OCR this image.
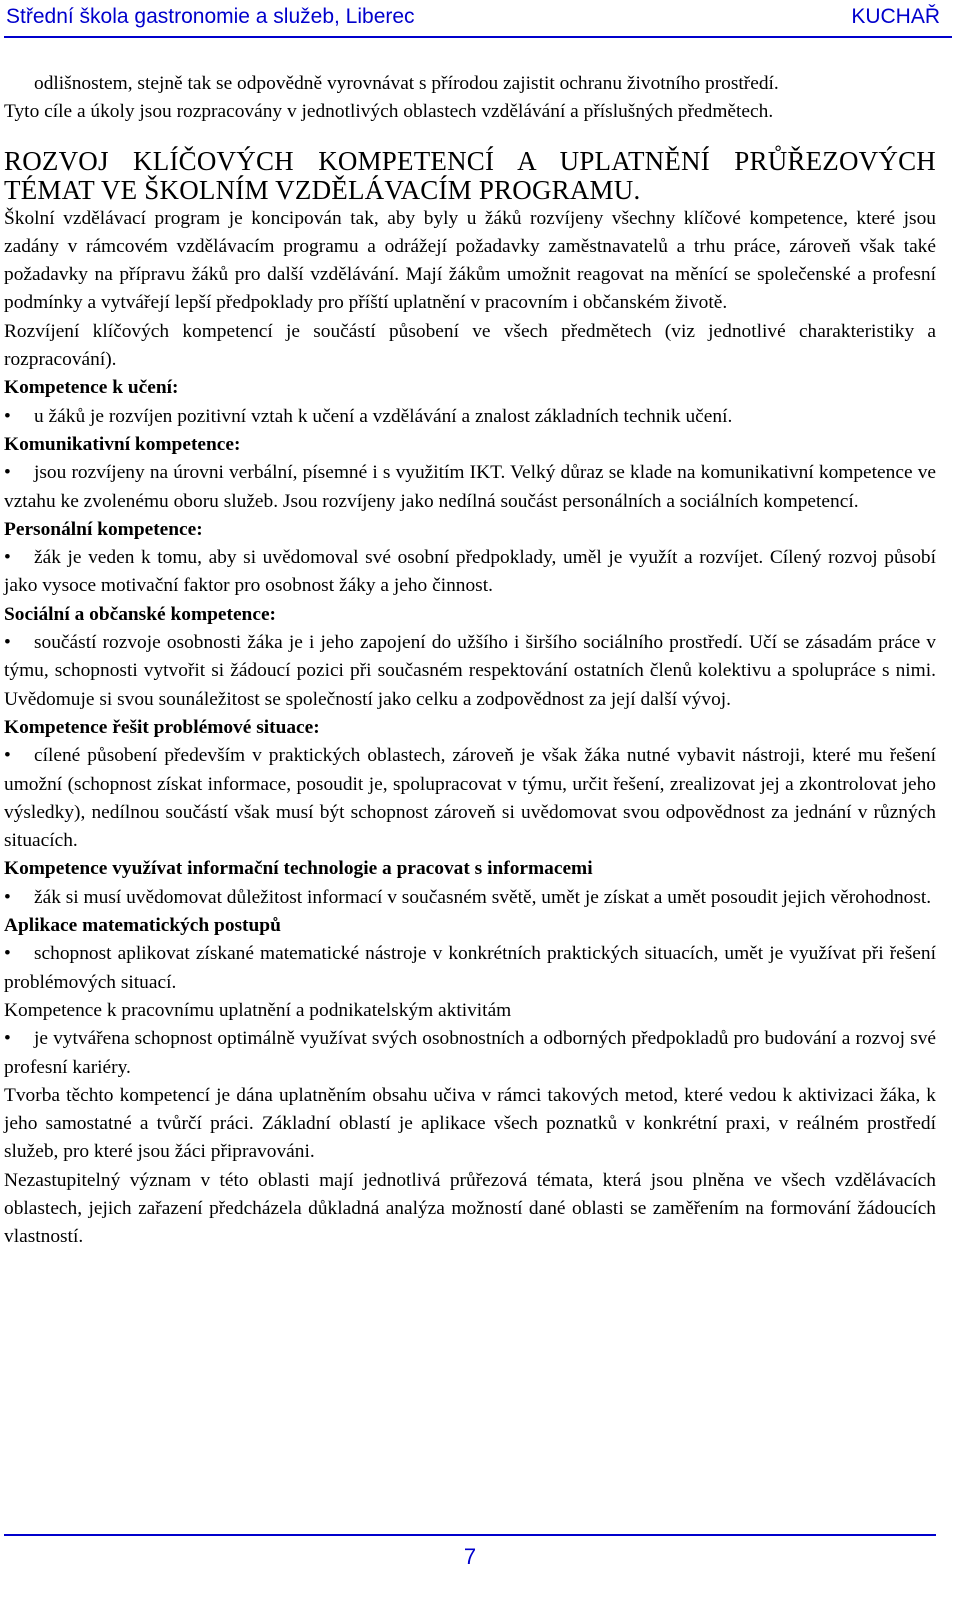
Střední škola gastronomie a služeb, Liberec	KUCHAŘ

odlišnostem, stejně tak se odpovědně vyrovnávat s přírodou zajistit ochranu životního prostředí.

Tyto cíle a úkoly jsou rozpracovány v jednotlivých oblastech vzdělávání a příslušných předmětech.

ROZVOJ KLÍČOVÝCH KOMPETENCÍ A UPLATNĚNÍ PRŮŘEZOVÝCH TÉMAT VE ŠKOLNÍM VZDĚLÁVACÍM PROGRAMU.

Školní vzdělávací program je koncipován tak, aby byly u žáků rozvíjeny všechny klíčové kompetence, které jsou zadány v rámcovém vzdělávacím programu a odrážejí požadavky zaměstnavatelů a trhu práce, zároveň však také požadavky na přípravu žáků pro další vzdělávání. Mají žákům umožnit reagovat na měnící se společenské a profesní podmínky a vytvářejí lepší předpoklady pro příští uplatnění v pracovním i občanském životě.

Rozvíjení klíčových kompetencí je součástí působení ve všech předmětech (viz jednotlivé charakteristiky a rozpracování).

Kompetence k učení:

• u žáků je rozvíjen pozitivní vztah k učení a vzdělávání a znalost základních technik učení.

Komunikativní kompetence:

• jsou rozvíjeny na úrovni verbální, písemné i s využitím IKT. Velký důraz se klade na komunikativní kompetence ve vztahu ke zvolenému oboru služeb. Jsou rozvíjeny jako nedílná součást personálních a sociálních kompetencí.

Personální kompetence:

• žák je veden k tomu, aby si uvědomoval své osobní předpoklady, uměl je využít a rozvíjet. Cílený rozvoj působí jako vysoce motivační faktor pro osobnost žáky a jeho činnost.

Sociální a občanské kompetence:

• součástí rozvoje osobnosti žáka je i jeho zapojení do užšího i širšího sociálního prostředí. Učí se zásadám práce v týmu, schopnosti vytvořit si žádoucí pozici při současném respektování ostatních členů kolektivu a spolupráce s nimi. Uvědomuje si svou sounáležitost se společností jako celku a zodpovědnost za její další vývoj.

Kompetence řešit problémové situace:

• cílené působení především v praktických oblastech, zároveň je však žáka nutné vybavit nástroji, které mu řešení umožní (schopnost získat informace, posoudit je, spolupracovat v týmu, určit řešení, zrealizovat jej a zkontrolovat jeho výsledky), nedílnou součástí však musí být schopnost zároveň si uvědomovat svou odpovědnost za jednání v různých situacích.

Kompetence využívat informační technologie a pracovat s informacemi

• žák si musí uvědomovat důležitost informací v současném světě, umět je získat a umět posoudit jejich věrohodnost.

Aplikace matematických postupů

• schopnost aplikovat získané matematické nástroje v konkrétních praktických situacích, umět je využívat při řešení problémových situací.

Kompetence k pracovnímu uplatnění a podnikatelským aktivitám

• je vytvářena schopnost optimálně využívat svých osobnostních a odborných předpokladů pro budování a rozvoj své profesní kariéry.

Tvorba těchto kompetencí je dána uplatněním obsahu učiva v rámci takových metod, které vedou k aktivizaci žáka, k jeho samostatné a tvůrčí práci. Základní oblastí je aplikace všech poznatků v konkrétní praxi, v reálném prostředí služeb, pro které jsou žáci připravováni.

Nezastupitelný význam v této oblasti mají jednotlivá průřezová témata, která jsou plněna ve všech vzdělávacích oblastech, jejich zařazení předcházela důkladná analýza možností dané oblasti se zaměřením na formování žádoucích vlastností.

7
